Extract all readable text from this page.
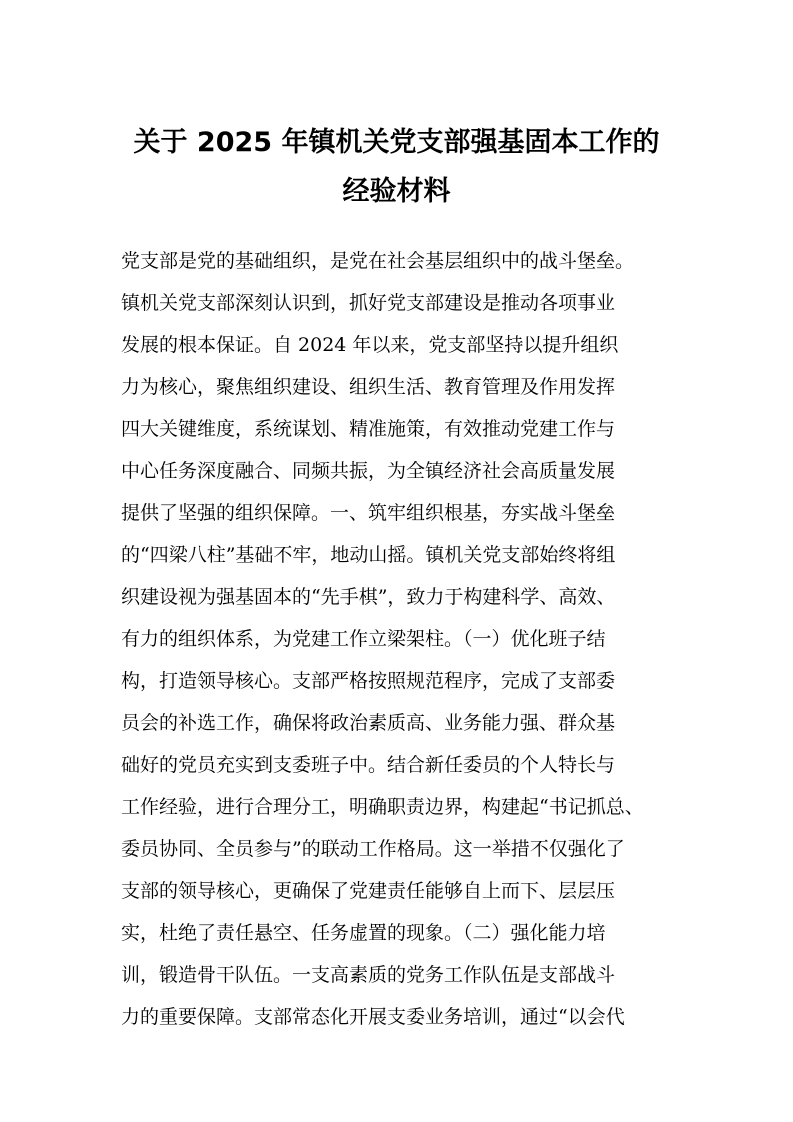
关于 2025 年镇机关党支部强基固本工作的
经验材料
党支部是党的基础组织，是党在社会基层组织中的战斗堡垒。
镇机关党支部深刻认识到，抓好党支部建设是推动各项事业
发展的根本保证。自 2024 年以来，党支部坚持以提升组织
力为核心，聚焦组织建设、组织生活、教育管理及作用发挥
四大关键维度，系统谋划、精准施策，有效推动党建工作与
中心任务深度融合、同频共振，为全镇经济社会高质量发展
提供了坚强的组织保障。一、筑牢组织根基，夯实战斗堡垒
的“四梁八柱”基础不牢，地动山摇。镇机关党支部始终将组
织建设视为强基固本的“先手棋”，致力于构建科学、高效、
有力的组织体系，为党建工作立梁架柱。（一）优化班子结
构，打造领导核心。支部严格按照规范程序，完成了支部委
员会的补选工作，确保将政治素质高、业务能力强、群众基
础好的党员充实到支委班子中。结合新任委员的个人特长与
工作经验，进行合理分工，明确职责边界，构建起“书记抓总、
委员协同、全员参与”的联动工作格局。这一举措不仅强化了
支部的领导核心，更确保了党建责任能够自上而下、层层压
实，杜绝了责任悬空、任务虚置的现象。（二）强化能力培
训，锻造骨干队伍。一支高素质的党务工作队伍是支部战斗
力的重要保障。支部常态化开展支委业务培训，通过“以会代
